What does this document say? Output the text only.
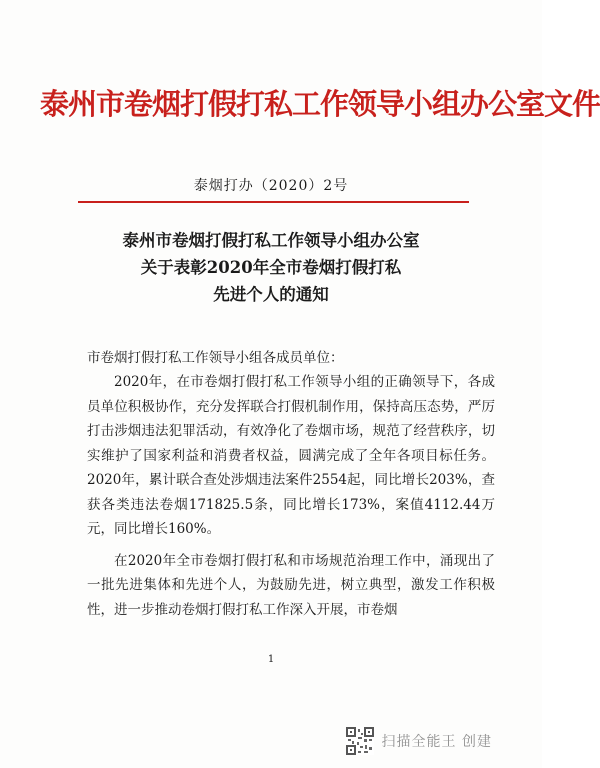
泰州市卷烟打假打私工作领导小组办公室文件
泰烟打办（2020）2号
泰州市卷烟打假打私工作领导小组办公室
关于表彰2020年全市卷烟打假打私
先进个人的通知
市卷烟打假打私工作领导小组各成员单位：

2020年，在市卷烟打假打私工作领导小组的正确领导下，各成员单位积极协作，充分发挥联合打假机制作用，保持高压态势，严厉打击涉烟违法犯罪活动，有效净化了卷烟市场，规范了经营秩序，切实维护了国家利益和消费者权益，圆满完成了全年各项目标任务。2020年，累计联合查处涉烟违法案件2554起，同比增长203%，查获各类违法卷烟171825.5条，同比增长173%，案值4112.44万元，同比增长160%。

在2020年全市卷烟打假打私和市场规范治理工作中，涌现出了一批先进集体和先进个人，为鼓励先进，树立典型，激发工作积极性，进一步推动卷烟打假打私工作深入开展，市卷烟

1
扫描全能王 创建
